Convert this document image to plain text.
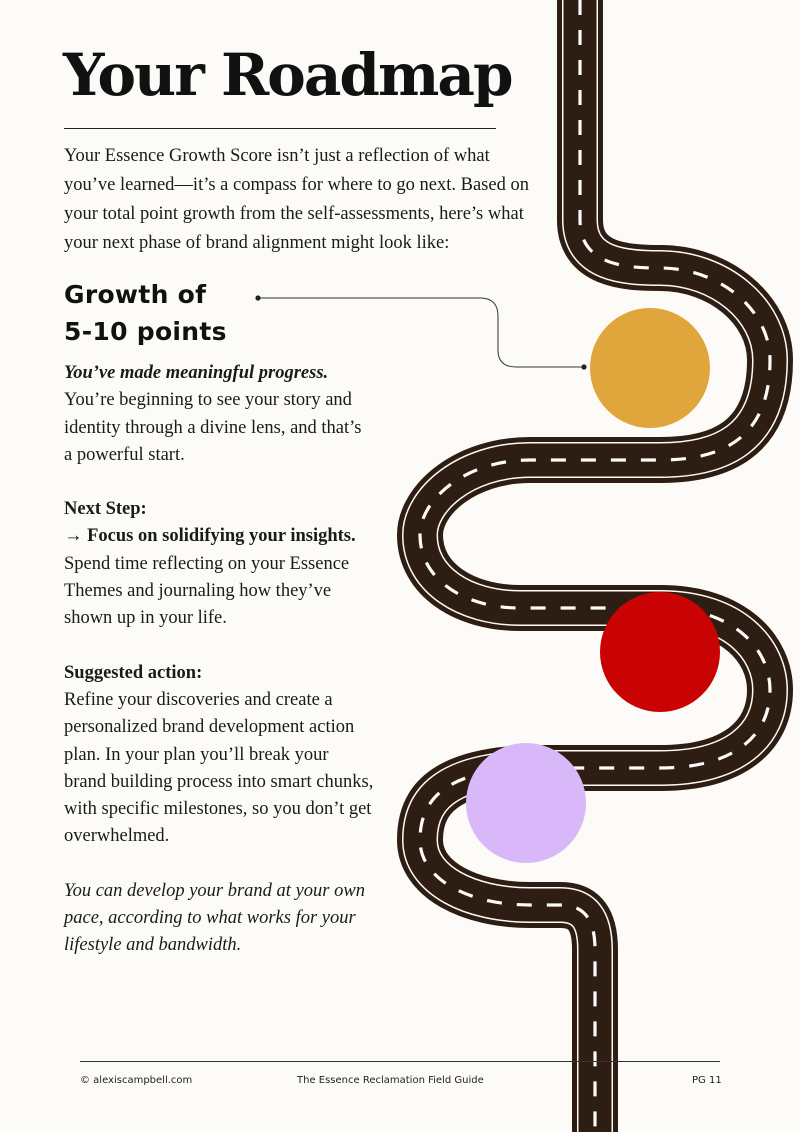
Your Roadmap

Your Essence Growth Score isn’t just a reflection of what you’ve learned—it’s a compass for where to go next. Based on your total point growth from the self-assessments, here’s what your next phase of brand alignment might look like:

Growth of
5-10 points

You’ve made meaningful progress. You’re beginning to see your story and identity through a divine lens, and that’s a powerful start.

Next Step:
→ Focus on solidifying your insights. Spend time reflecting on your Essence Themes and journaling how they’ve shown up in your life.

Suggested action:
Refine your discoveries and create a personalized brand development action plan. In your plan you’ll break your brand building process into smart chunks, with specific milestones, so you don’t get overwhelmed.

You can develop your brand at your own pace, according to what works for your lifestyle and bandwidth.

© alexiscampbell.com	The Essence Reclamation Field Guide	PG 11
